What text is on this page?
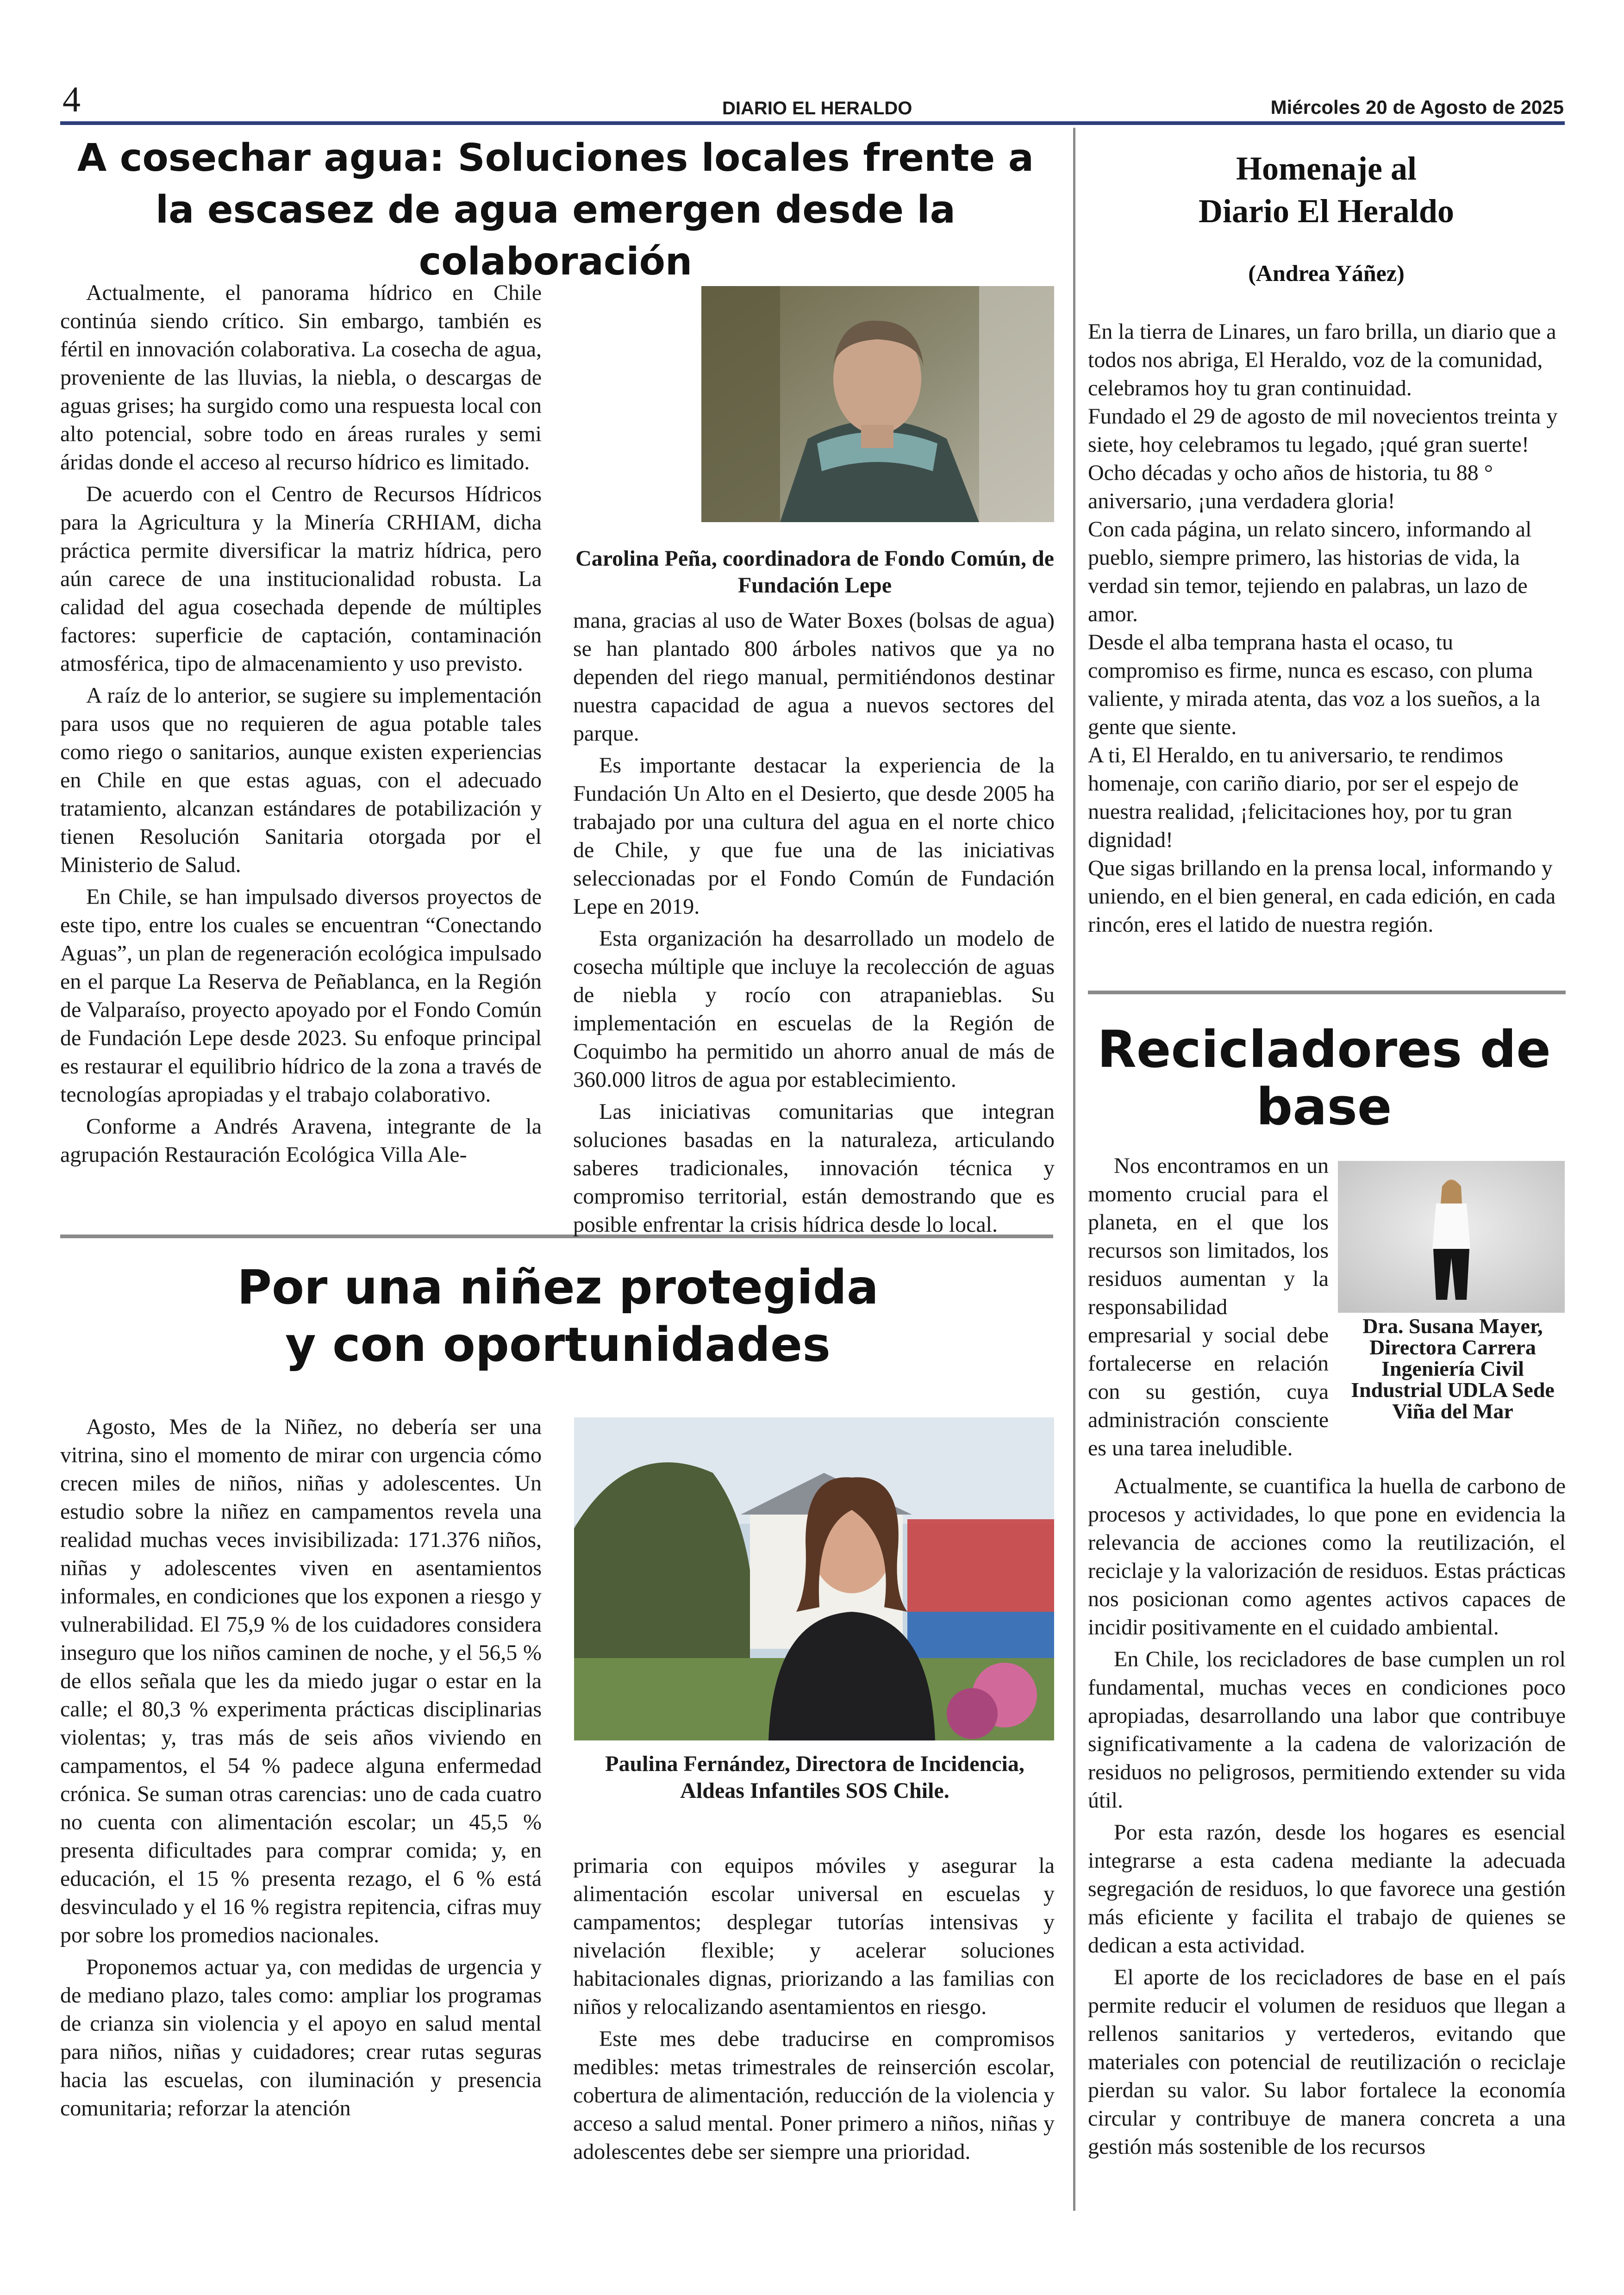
4	DIARIO EL HERALDO	Miércoles 20 de Agosto de 2025
A cosechar agua: Soluciones locales frente a la escasez de agua emergen desde la colaboración

Actualmente, el panorama hídrico en Chile continúa siendo crítico. Sin embargo, también es fértil en innovación colaborativa. La cosecha de agua, proveniente de las lluvias, la niebla, o descargas de aguas grises; ha surgido como una respuesta local con alto potencial, sobre todo en áreas rurales y semi áridas donde el acceso al recurso hídrico es limitado.

De acuerdo con el Centro de Recursos Hídricos para la Agricultura y la Minería CRHIAM, dicha práctica permite diversificar la matriz hídrica, pero aún carece de una institucionalidad robusta. La calidad del agua cosechada depende de múltiples factores: superficie de captación, contaminación atmosférica, tipo de almacenamiento y uso previsto.

A raíz de lo anterior, se sugiere su implementación para usos que no requieren de agua potable tales como riego o sanitarios, aunque existen experiencias en Chile en que estas aguas, con el adecuado tratamiento, alcanzan estándares de potabilización y tienen Resolución Sanitaria otorgada por el Ministerio de Salud.

En Chile, se han impulsado diversos proyectos de este tipo, entre los cuales se encuentran “Conectando Aguas”, un plan de regeneración ecológica impulsado en el parque La Reserva de Peñablanca, en la Región de Valparaíso, proyecto apoyado por el Fondo Común de Fundación Lepe desde 2023. Su enfoque principal es restaurar el equilibrio hídrico de la zona a través de tecnologías apropiadas y el trabajo colaborativo.

Conforme a Andrés Aravena, integrante de la agrupación Restauración Ecológica Villa Ale-

Carolina Peña, coordinadora de Fondo Común, de Fundación Lepe

mana, gracias al uso de Water Boxes (bolsas de agua) se han plantado 800 árboles nativos que ya no dependen del riego manual, permitiéndonos destinar nuestra capacidad de agua a nuevos sectores del parque.

Es importante destacar la experiencia de la Fundación Un Alto en el Desierto, que desde 2005 ha trabajado por una cultura del agua en el norte chico de Chile, y que fue una de las iniciativas seleccionadas por el Fondo Común de Fundación Lepe en 2019.

Esta organización ha desarrollado un modelo de cosecha múltiple que incluye la recolección de aguas de niebla y rocío con atrapanieblas. Su implementación en escuelas de la Región de Coquimbo ha permitido un ahorro anual de más de 360.000 litros de agua por establecimiento.

Las iniciativas comunitarias que integran soluciones basadas en la naturaleza, articulando saberes tradicionales, innovación técnica y compromiso territorial, están demostrando que es posible enfrentar la crisis hídrica desde lo local.

Por una niñez protegida
y con oportunidades

Agosto, Mes de la Niñez, no debería ser una vitrina, sino el momento de mirar con urgencia cómo crecen miles de niños, niñas y adolescentes. Un estudio sobre la niñez en campamentos revela una realidad muchas veces invisibilizada: 171.376 niños, niñas y adolescentes viven en asentamientos informales, en condiciones que los exponen a riesgo y vulnerabilidad. El 75,9 % de los cuidadores considera inseguro que los niños caminen de noche, y el 56,5 % de ellos señala que les da miedo jugar o estar en la calle; el 80,3 % experimenta prácticas disciplinarias violentas; y, tras más de seis años viviendo en campamentos, el 54 % padece alguna enfermedad crónica. Se suman otras carencias: uno de cada cuatro no cuenta con alimentación escolar; un 45,5 % presenta dificultades para comprar comida; y, en educación, el 15 % presenta rezago, el 6 % está desvinculado y el 16 % registra repitencia, cifras muy por sobre los promedios nacionales.

Proponemos actuar ya, con medidas de urgencia y de mediano plazo, tales como: ampliar los programas de crianza sin violencia y el apoyo en salud mental para niños, niñas y cuidadores; crear rutas seguras hacia las escuelas, con iluminación y presencia comunitaria; reforzar la atención

Paulina Fernández, Directora de Incidencia, Aldeas Infantiles SOS Chile.

primaria con equipos móviles y asegurar la alimentación escolar universal en escuelas y campamentos; desplegar tutorías intensivas y nivelación flexible; y acelerar soluciones habitacionales dignas, priorizando a las familias con niños y relocalizando asentamientos en riesgo.

Este mes debe traducirse en compromisos medibles: metas trimestrales de reinserción escolar, cobertura de alimentación, reducción de la violencia y acceso a salud mental. Poner primero a niños, niñas y adolescentes debe ser siempre una prioridad.

Homenaje al
Diario El Heraldo
(Andrea Yáñez)

En la tierra de Linares, un faro brilla, un diario que a todos nos abriga, El Heraldo, voz de la comunidad, celebramos hoy tu gran continuidad.

Fundado el 29 de agosto de mil novecientos treinta y siete, hoy celebramos tu legado, ¡qué gran suerte!

Ocho décadas y ocho años de historia, tu 88 ° aniversario, ¡una verdadera gloria!

Con cada página, un relato sincero, informando al pueblo, siempre primero, las historias de vida, la verdad sin temor, tejiendo en palabras, un lazo de amor.

Desde el alba temprana hasta el ocaso, tu compromiso es firme, nunca es escaso, con pluma valiente, y mirada atenta, das voz a los sueños, a la gente que siente.

A ti, El Heraldo, en tu aniversario, te rendimos homenaje, con cariño diario, por ser el espejo de nuestra realidad, ¡felicitaciones hoy, por tu gran dignidad!

Que sigas brillando en la prensa local, informando y uniendo, en el bien general, en cada edición, en cada rincón, eres el latido de nuestra región.

Recicladores de
base
Dra. Susana Mayer, Directora Carrera Ingeniería Civil Industrial UDLA Sede Viña del Mar
Nos encontramos en un momento crucial para el planeta, en el que los recursos son limitados, los residuos aumentan y la responsabilidad empresarial y social debe fortalecerse en relación con su gestión, cuya administración consciente es una tarea ineludible.

Actualmente, se cuantifica la huella de carbono de procesos y actividades, lo que pone en evidencia la relevancia de acciones como la reutilización, el reciclaje y la valorización de residuos. Estas prácticas nos posicionan como agentes activos capaces de incidir positivamente en el cuidado ambiental.

En Chile, los recicladores de base cumplen un rol fundamental, muchas veces en condiciones poco apropiadas, desarrollando una labor que contribuye significativamente a la cadena de valorización de residuos no peligrosos, permitiendo extender su vida útil.

Por esta razón, desde los hogares es esencial integrarse a esta cadena mediante la adecuada segregación de residuos, lo que favorece una gestión más eficiente y facilita el trabajo de quienes se dedican a esta actividad.

El aporte de los recicladores de base en el país permite reducir el volumen de residuos que llegan a rellenos sanitarios y vertederos, evitando que materiales con potencial de reutilización o reciclaje pierdan su valor. Su labor fortalece la economía circular y contribuye de manera concreta a una gestión más sostenible de los recursos
